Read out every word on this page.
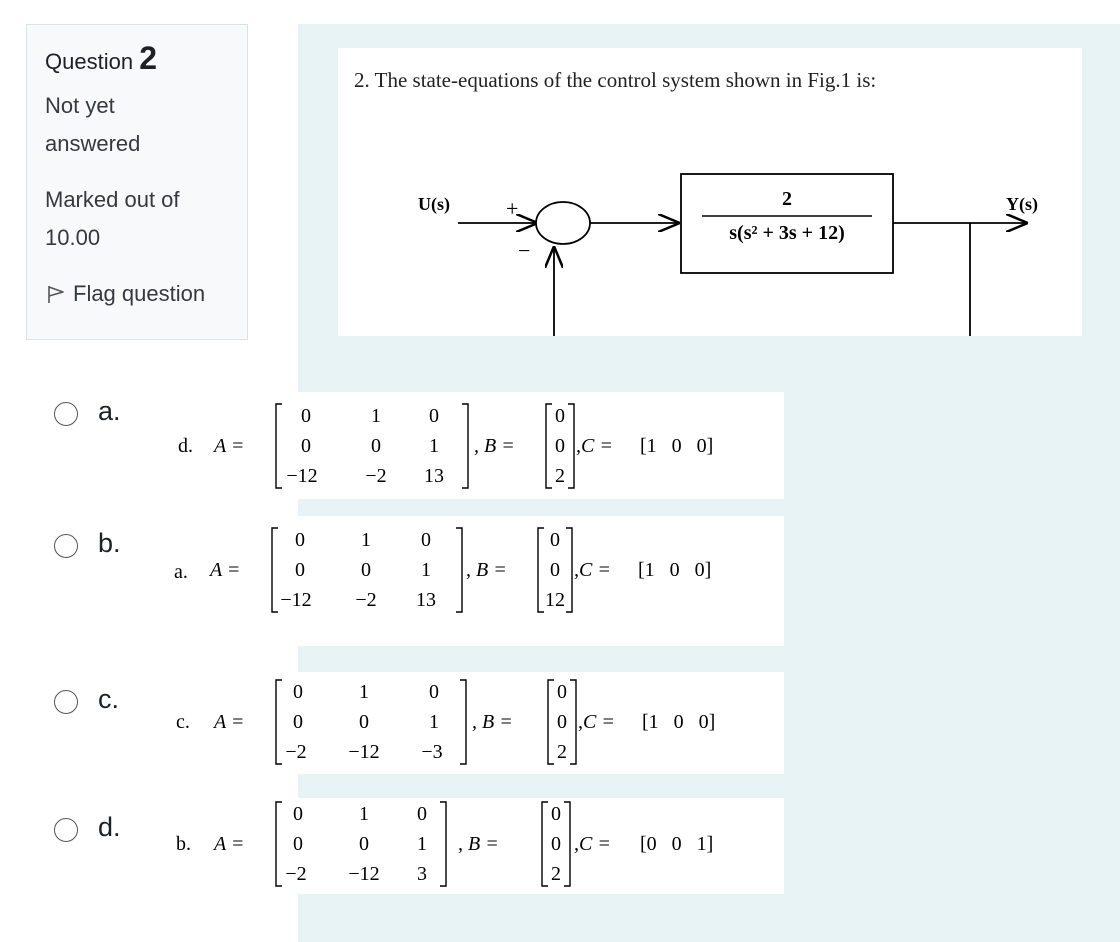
Question 2
Not yet
answered
Marked out of
10.00
Flag question
2. The state-equations of the control system shown in Fig.1 is:
U(s)	+
−
2
s(s² + 3s + 12)
Y(s)
a.
d. A =
0	1 0
0	0 1
−12 −2 13
, B =
0
0
2
,C = [1   0   0]
b.
a. A =
0	1	0
0	0	1
−12 −2 13
, B =
0
0
12
,C = [1   0   0]
c.
c. A =
0	1	0
0	0	1
−2 −12 −3
, B =
0
0
2
,C = [1   0   0]
d.
b. A =
0	1 0
0	0 1
−2 −12 3
, B =
0
0
2
,C = [0   0   1]
